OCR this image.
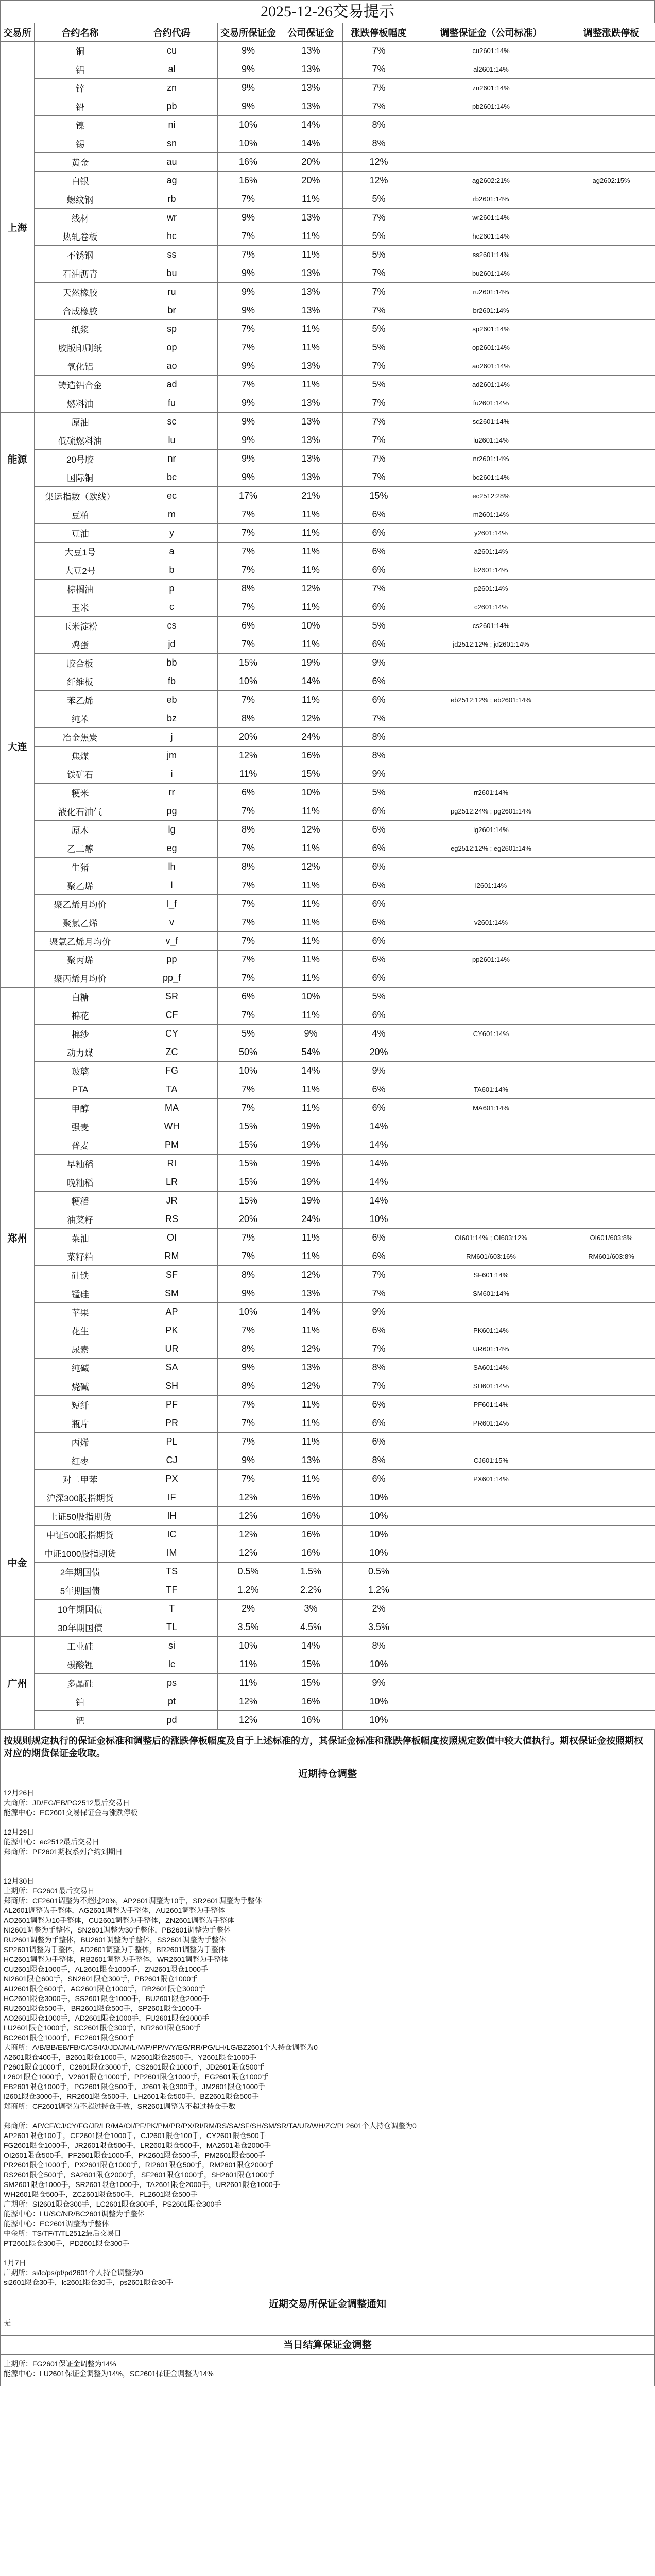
2025-12-26交易提示
交易所	合约名称	合约代码	交易所保证金	公司保证金	涨跌停板幅度	调整保证金（公司标准）	调整涨跌停板
上海	铜	cu	9%	13%	7%	cu2601:14%	
	铝	al	9%	13%	7%	al2601:14%	
	锌	zn	9%	13%	7%	zn2601:14%	
	铅	pb	9%	13%	7%	pb2601:14%	
	镍	ni	10%	14%	8%		
	锡	sn	10%	14%	8%		
	黄金	au	16%	20%	12%		
	白银	ag	16%	20%	12%	ag2602:21%	ag2602:15%
	螺纹钢	rb	7%	11%	5%	rb2601:14%	
	线材	wr	9%	13%	7%	wr2601:14%	
	热轧卷板	hc	7%	11%	5%	hc2601:14%	
	不锈钢	ss	7%	11%	5%	ss2601:14%	
	石油沥青	bu	9%	13%	7%	bu2601:14%	
	天然橡胶	ru	9%	13%	7%	ru2601:14%	
	合成橡胶	br	9%	13%	7%	br2601:14%	
	纸浆	sp	7%	11%	5%	sp2601:14%	
	胶版印刷纸	op	7%	11%	5%	op2601:14%	
	氧化铝	ao	9%	13%	7%	ao2601:14%	
	铸造铝合金	ad	7%	11%	5%	ad2601:14%	
	燃料油	fu	9%	13%	7%	fu2601:14%	
能源	原油	sc	9%	13%	7%	sc2601:14%	
	低硫燃料油	lu	9%	13%	7%	lu2601:14%	
	20号胶	nr	9%	13%	7%	nr2601:14%	
	国际铜	bc	9%	13%	7%	bc2601:14%	
	集运指数（欧线）	ec	17%	21%	15%	ec2512:28%	
大连	豆粕	m	7%	11%	6%	m2601:14%	
	豆油	y	7%	11%	6%	y2601:14%	
	大豆1号	a	7%	11%	6%	a2601:14%	
	大豆2号	b	7%	11%	6%	b2601:14%	
	棕榈油	p	8%	12%	7%	p2601:14%	
	玉米	c	7%	11%	6%	c2601:14%	
	玉米淀粉	cs	6%	10%	5%	cs2601:14%	
	鸡蛋	jd	7%	11%	6%	jd2512:12% ; jd2601:14%	
	胶合板	bb	15%	19%	9%		
	纤维板	fb	10%	14%	6%		
	苯乙烯	eb	7%	11%	6%	eb2512:12% ; eb2601:14%	
	纯苯	bz	8%	12%	7%		
	冶金焦炭	j	20%	24%	8%		
	焦煤	jm	12%	16%	8%		
	铁矿石	i	11%	15%	9%		
	粳米	rr	6%	10%	5%	rr2601:14%	
	液化石油气	pg	7%	11%	6%	pg2512:24% ; pg2601:14%	
	原木	lg	8%	12%	6%	lg2601:14%	
	乙二醇	eg	7%	11%	6%	eg2512:12% ; eg2601:14%	
	生猪	lh	8%	12%	6%		
	聚乙烯	l	7%	11%	6%	l2601:14%	
	聚乙烯月均价	l_f	7%	11%	6%		
	聚氯乙烯	v	7%	11%	6%	v2601:14%	
	聚氯乙烯月均价	v_f	7%	11%	6%		
	聚丙烯	pp	7%	11%	6%	pp2601:14%	
	聚丙烯月均价	pp_f	7%	11%	6%		
郑州	白糖	SR	6%	10%	5%		
	棉花	CF	7%	11%	6%		
	棉纱	CY	5%	9%	4%	CY601:14%	
	动力煤	ZC	50%	54%	20%		
	玻璃	FG	10%	14%	9%		
	PTA	TA	7%	11%	6%	TA601:14%	
	甲醇	MA	7%	11%	6%	MA601:14%	
	强麦	WH	15%	19%	14%		
	普麦	PM	15%	19%	14%		
	早籼稻	RI	15%	19%	14%		
	晚籼稻	LR	15%	19%	14%		
	粳稻	JR	15%	19%	14%		
	油菜籽	RS	20%	24%	10%		
	菜油	OI	7%	11%	6%	OI601:14% ; OI603:12%	OI601/603:8%
	菜籽粕	RM	7%	11%	6%	RM601/603:16%	RM601/603:8%
	硅铁	SF	8%	12%	7%	SF601:14%	
	锰硅	SM	9%	13%	7%	SM601:14%	
	苹果	AP	10%	14%	9%		
	花生	PK	7%	11%	6%	PK601:14%	
	尿素	UR	8%	12%	7%	UR601:14%	
	纯碱	SA	9%	13%	8%	SA601:14%	
	烧碱	SH	8%	12%	7%	SH601:14%	
	短纤	PF	7%	11%	6%	PF601:14%	
	瓶片	PR	7%	11%	6%	PR601:14%	
	丙烯	PL	7%	11%	6%		
	红枣	CJ	9%	13%	8%	CJ601:15%	
	对二甲苯	PX	7%	11%	6%	PX601:14%	
中金	沪深300股指期货	IF	12%	16%	10%		
	上证50股指期货	IH	12%	16%	10%		
	中证500股指期货	IC	12%	16%	10%		
	中证1000股指期货	IM	12%	16%	10%		
	2年期国债	TS	0.5%	1.5%	0.5%		
	5年期国债	TF	1.2%	2.2%	1.2%		
	10年期国债	T	2%	3%	2%		
	30年期国债	TL	3.5%	4.5%	3.5%		
广州	工业硅	si	10%	14%	8%		
	碳酸锂	lc	11%	15%	10%		
	多晶硅	ps	11%	15%	9%		
	铂	pt	12%	16%	10%		
	钯	pd	12%	16%	10%		
按规则规定执行的保证金标准和调整后的涨跌停板幅度及自于上述标准的方，其保证金标准和涨跌停板幅度按照规定数值中较大值执行。期权保证金按照期权对应的期货保证金收取。
近期持仓调整
12月26日
大商所：JD/EG/EB/PG2512最后交易日
能源中心：EC2601交易保证金与涨跌停板

12月29日
能源中心：ec2512最后交易日
郑商所：PF2601期权系列合约到期日

12月30日
上期所：FG2601最后交易日
郑商所：CF2601调整为不超过20%，AP2601调整为10手，SR2601调整为手整体
AL2601调整为手整体，AG2601调整为手整体，AU2601调整为手整体
AO2601调整为10手整体，CU2601调整为手整体，ZN2601调整为手整体
NI2601调整为手整体，SN2601调整为30手整体，PB2601调整为手整体
RU2601调整为手整体，BU2601调整为手整体，SS2601调整为手整体
SP2601调整为手整体，AD2601调整为手整体，BR2601调整为手整体
HC2601调整为手整体，RB2601调整为手整体，WR2601调整为手整体
CU2601限仓1000手，AL2601限仓1000手，ZN2601限仓1000手
NI2601限仓600手，SN2601限仓300手，PB2601限仓1000手
AU2601限仓600手，AG2601限仓1000手，RB2601限仓3000手
HC2601限仓3000手，SS2601限仓1000手，BU2601限仓2000手
RU2601限仓500手，BR2601限仓500手，SP2601限仓1000手
AO2601限仓1000手，AD2601限仓1000手，FU2601限仓2000手
LU2601限仓1000手，SC2601限仓300手，NR2601限仓500手
BC2601限仓1000手，EC2601限仓500手
大商所：A/B/BB/EB/FB/C/CS/I/J/JD/JM/L/M/P/PP/V/Y/EG/RR/PG/LH/LG/BZ2601个人持仓调整为0
A2601限仓400手，B2601限仓1000手，M2601限仓2500手，Y2601限仓1000手
P2601限仓1000手，C2601限仓3000手，CS2601限仓1000手，JD2601限仓500手
L2601限仓1000手，V2601限仓1000手，PP2601限仓1000手，EG2601限仓1000手
EB2601限仓1000手，PG2601限仓500手，J2601限仓300手，JM2601限仓1000手
I2601限仓3000手，RR2601限仓500手，LH2601限仓500手，BZ2601限仓500手
郑商所：CF2601调整为不超过持仓手数，SR2601调整为不超过持仓手数

郑商所：AP/CF/CJ/CY/FG/JR/LR/MA/OI/PF/PK/PM/PR/PX/RI/RM/RS/SA/SF/SH/SM/SR/TA/UR/WH/ZC/PL2601个人持仓调整为0
AP2601限仓100手，CF2601限仓1000手，CJ2601限仓100手，CY2601限仓500手
FG2601限仓1000手，JR2601限仓500手，LR2601限仓500手，MA2601限仓2000手
OI2601限仓500手，PF2601限仓1000手，PK2601限仓500手，PM2601限仓500手
PR2601限仓1000手，PX2601限仓1000手，RI2601限仓500手，RM2601限仓2000手
RS2601限仓500手，SA2601限仓2000手，SF2601限仓1000手，SH2601限仓1000手
SM2601限仓1000手，SR2601限仓1000手，TA2601限仓2000手，UR2601限仓1000手
WH2601限仓500手，ZC2601限仓500手，PL2601限仓500手
广期所：SI2601限仓300手，LC2601限仓300手，PS2601限仓300手
能源中心：LU/SC/NR/BC2601调整为手整体
能源中心：EC2601调整为手整体
中金所：TS/TF/T/TL2512最后交易日
PT2601限仓300手，PD2601限仓300手

1月7日
广期所：si/lc/ps/pt/pd2601个人持仓调整为0
si2601限仓30手，lc2601限仓30手，ps2601限仓30手
近期交易所保证金调整通知
无
当日结算保证金调整
上期所：FG2601保证金调整为14%
能源中心：LU2601保证金调整为14%，SC2601保证金调整为14%
